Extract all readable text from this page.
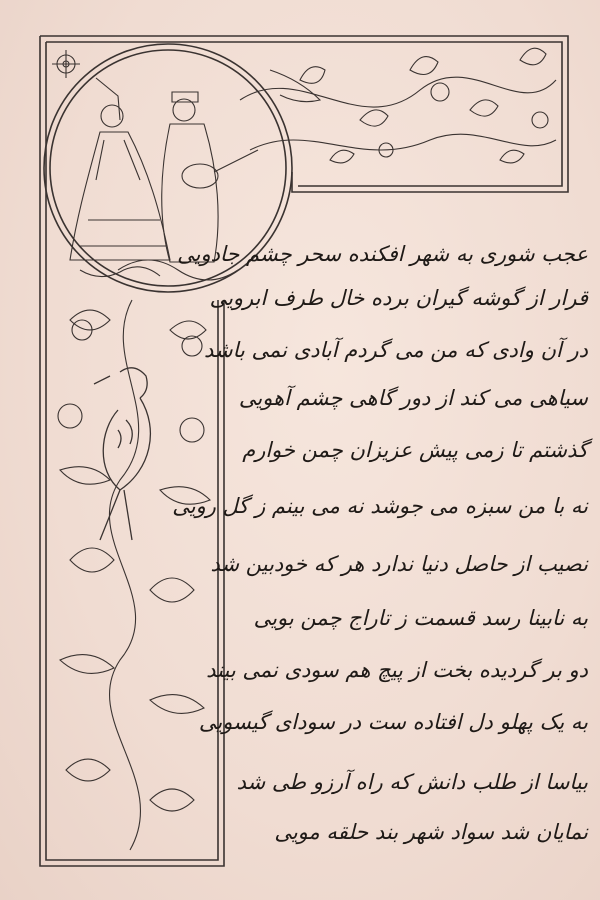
عجب شوری به شهر افکنده سحر چشم جادویی
قرار از گوشه گیران برده خال طرف ابرویی
در آن وادی که من می گردم آبادی نمی باشد
سیاهی می کند از دور گاهی چشم آهویی
گذشتم تا زمی پیش عزیزان چمن خوارم
نه با من سبزه می جوشد نه می بینم ز گل رویی
نصیب از حاصل دنیا ندارد هر که خودبین شد
به نابینا رسد قسمت ز تاراج چمن بویی
دو بر گردیده بخت از پیچ هم سودی نمی بیند
به یک پهلو دل افتاده ست در سودای گیسویی
بیاسا از طلب دانش که راه آرزو طی شد
نمایان شد سواد شهر بند حلقه مویی
